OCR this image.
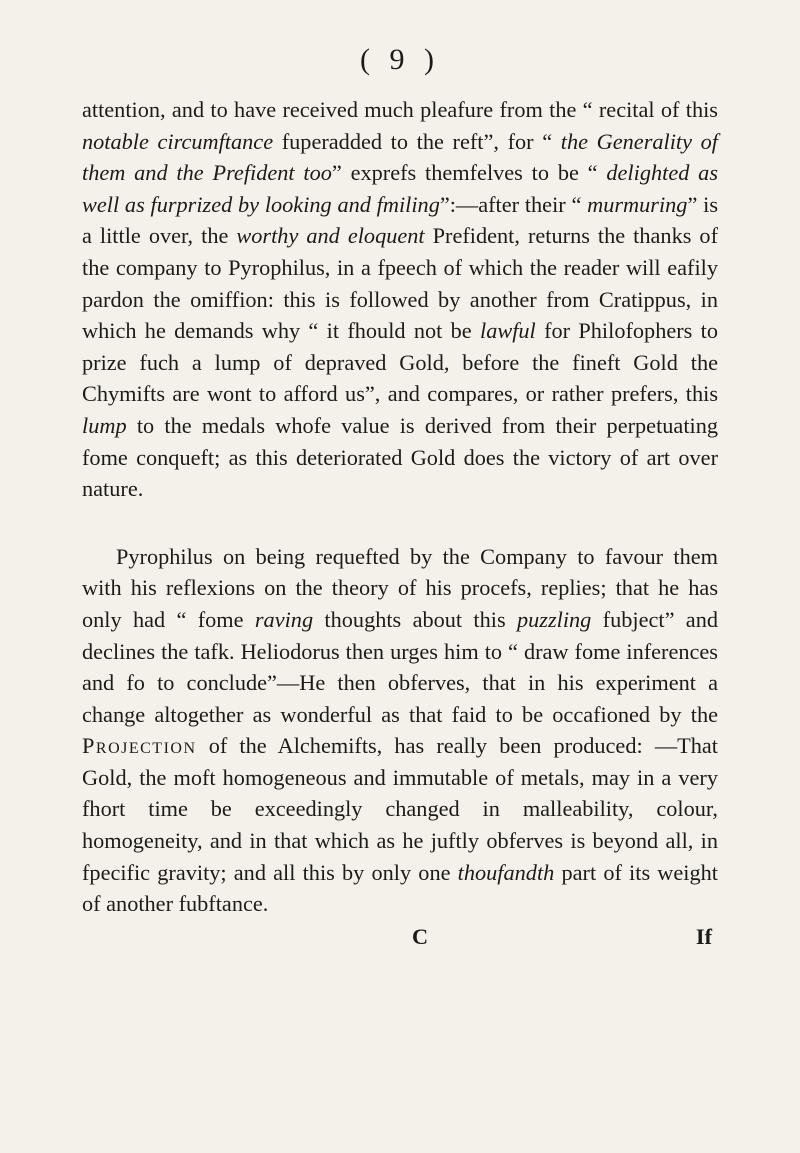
( 9 )

attention, and to have received much pleafure from the “ recital of this notable circumftance fuperadded to the reft”, for “ the Generality of them and the Prefident too” exprefs themfelves to be “ delighted as well as furprized by looking and fmiling”:—after their “ murmuring” is a little over, the worthy and eloquent Prefident, returns the thanks of the company to Pyrophilus, in a fpeech of which the reader will eafily pardon the omiffion: this is followed by another from Cratippus, in which he demands why “ it fhould not be lawful for Philofophers to prize fuch a lump of depraved Gold, before the fineft Gold the Chymifts are wont to afford us”, and compares, or rather prefers, this lump to the medals whofe value is derived from their perpetuating fome conqueft; as this deteriorated Gold does the victory of art over nature.

Pyrophilus on being requefted by the Company to favour them with his reflexions on the theory of his procefs, replies; that he has only had “ fome raving thoughts about this puzzling fubject” and declines the tafk. Heliodorus then urges him to “ draw fome inferences and fo to conclude”—He then obferves, that in his experiment a change altogether as wonderful as that faid to be occafioned by the Projection of the Alchemifts, has really been produced: —That Gold, the moft homogeneous and immutable of metals, may in a very fhort time be exceedingly changed in malleability, colour, homogeneity, and in that which as he juftly obferves is beyond all, in fpecific gravity; and all this by only one thoufandth part of its weight of another fubftance.

C	If
